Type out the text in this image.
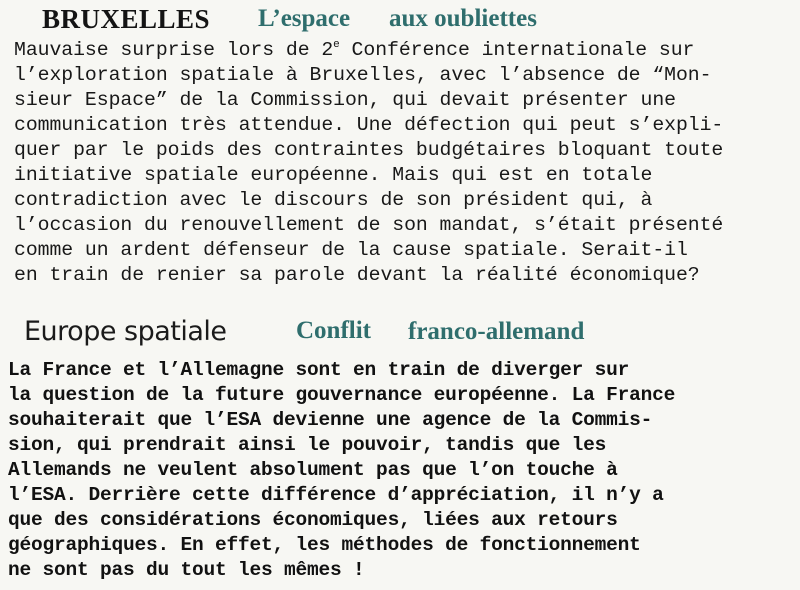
BRUXELLES L’espace aux oubliettes
Mauvaise surprise lors de 2e Conférence internationale sur
l’exploration spatiale à Bruxelles, avec l’absence de “Mon-
sieur Espace” de la Commission, qui devait présenter une
communication très attendue. Une défection qui peut s’expli-
quer par le poids des contraintes budgétaires bloquant toute
initiative spatiale européenne. Mais qui est en totale
contradiction avec le discours de son président qui, à
l’occasion du renouvellement de son mandat, s’était présenté
comme un ardent défenseur de la cause spatiale. Serait-il
en train de renier sa parole devant la réalité économique?
Europe spatiale	Conflit franco-allemand
La France et l’Allemagne sont en train de diverger sur
la question de la future gouvernance européenne. La France
souhaiterait que l’ESA devienne une agence de la Commis-
sion, qui prendrait ainsi le pouvoir, tandis que les
Allemands ne veulent absolument pas que l’on touche à
l’ESA. Derrière cette différence d’appréciation, il n’y a
que des considérations économiques, liées aux retours
géographiques. En effet, les méthodes de fonctionnement
ne sont pas du tout les mêmes !
